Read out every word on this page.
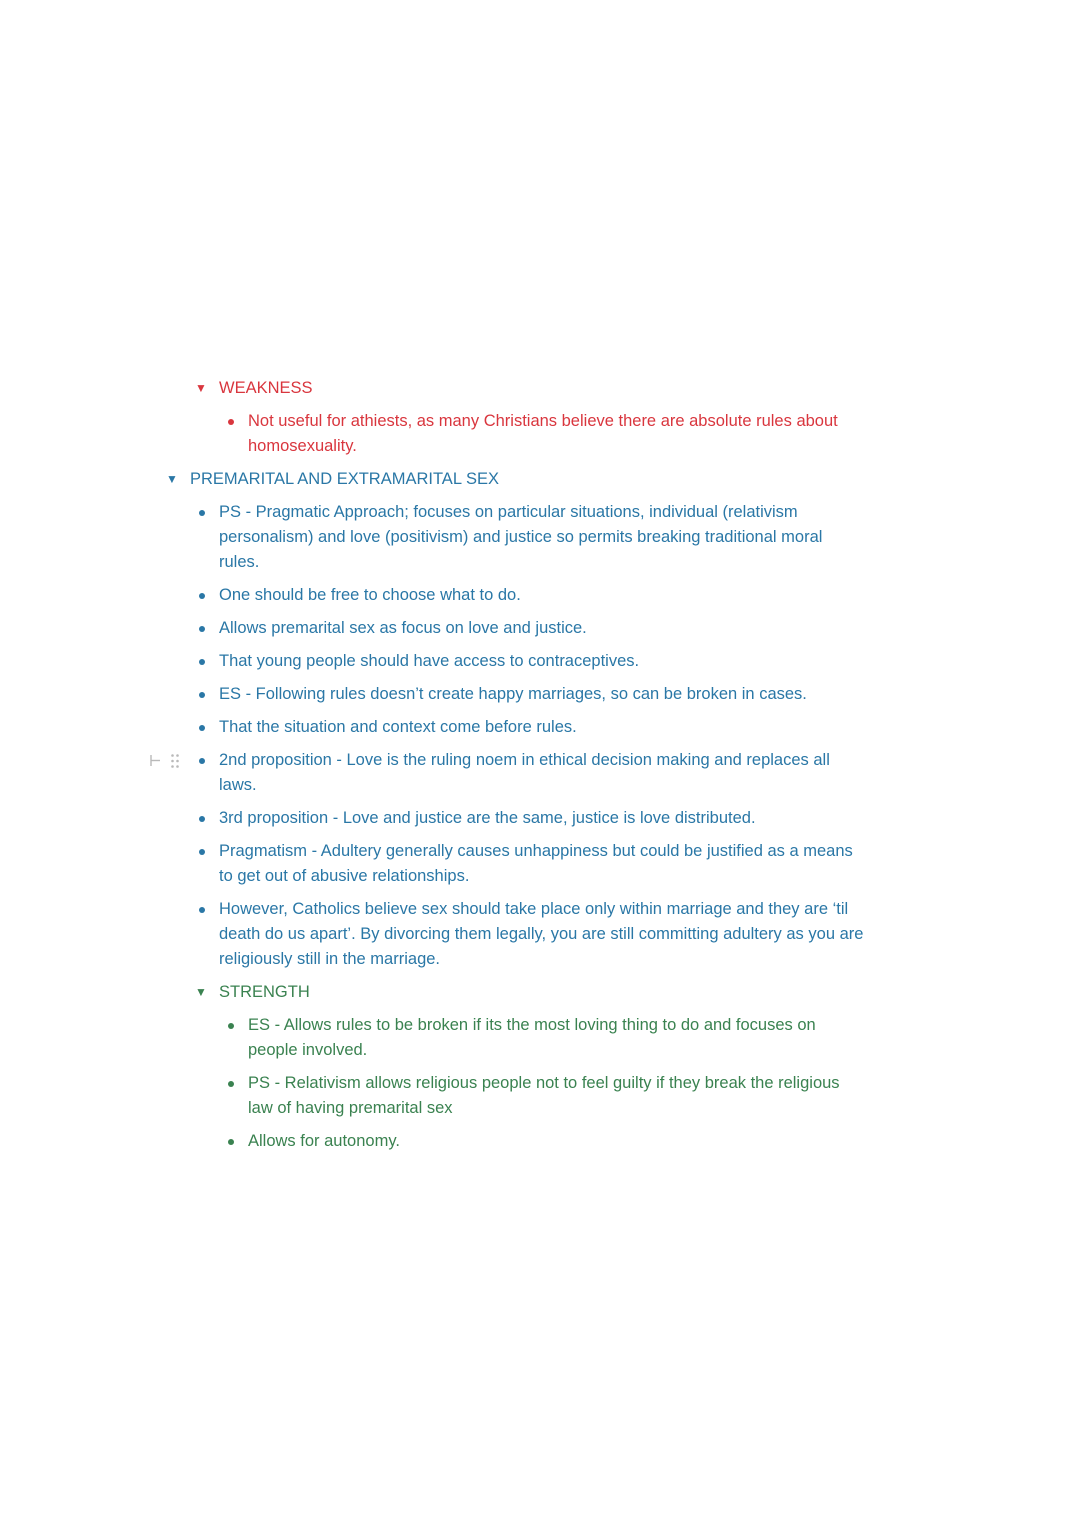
▼ WEAKNESS
Not useful for athiests, as many Christians believe there are absolute rules about homosexuality.
▼ PREMARITAL AND EXTRAMARITAL SEX
PS - Pragmatic Approach; focuses on particular situations, individual (relativism personalism) and love (positivism) and justice so permits breaking traditional moral rules.
One should be free to choose what to do.
Allows premarital sex as focus on love and justice.
That young people should have access to contraceptives.
ES - Following rules doesn’t create happy marriages, so can be broken in cases.
That the situation and context come before rules.
2nd proposition - Love is the ruling noem in ethical decision making and replaces all laws.
3rd proposition - Love and justice are the same, justice is love distributed.
Pragmatism - Adultery generally causes unhappiness but could be justified as a means to get out of abusive relationships.
However, Catholics believe sex should take place only within marriage and they are ‘til death do us apart’. By divorcing them legally, you are still committing adultery as you are religiously still in the marriage.
▼ STRENGTH
ES - Allows rules to be broken if its the most loving thing to do and focuses on people involved.
PS - Relativism allows religious people not to feel guilty if they break the religious law of having premarital sex
Allows for autonomy.
